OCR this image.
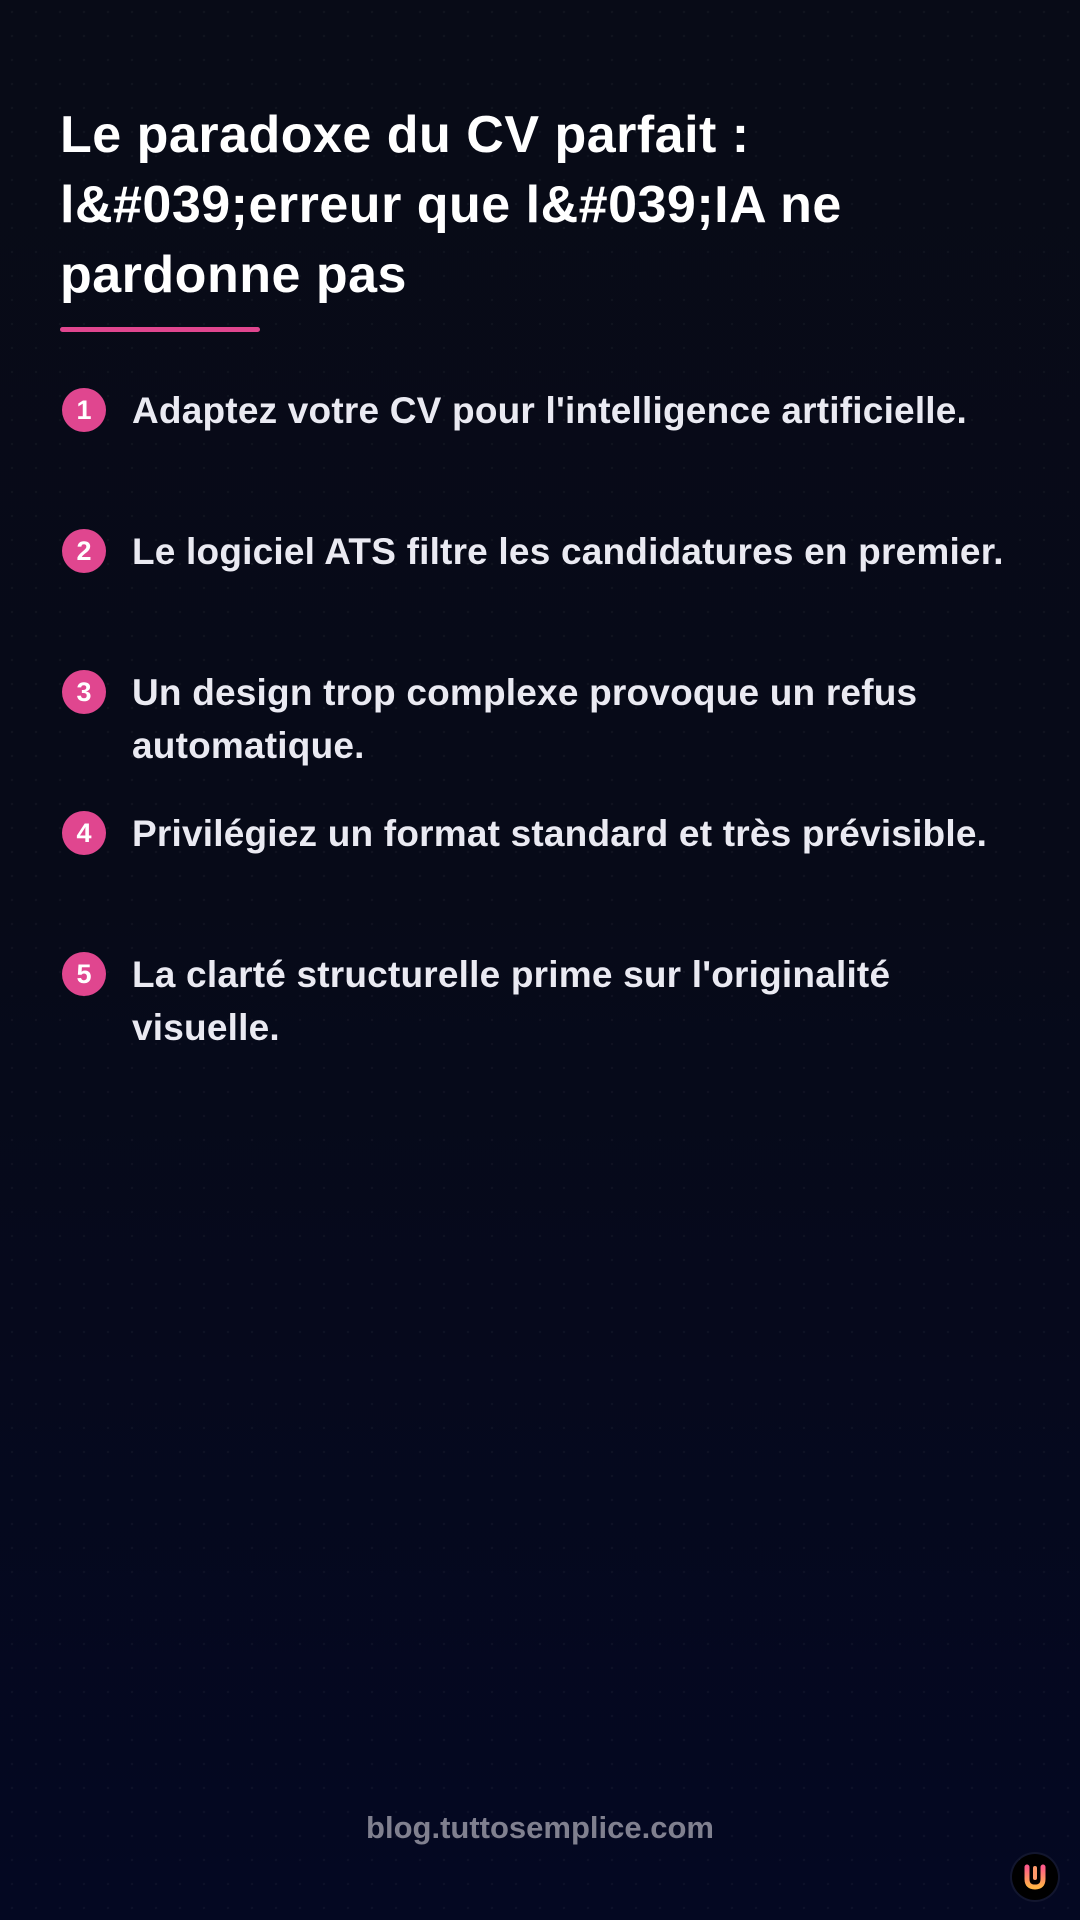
Le paradoxe du CV parfait : l&#039;erreur que l&#039;IA ne pardonne pas
1	Adaptez votre CV pour l'intelligence artificielle.
2	Le logiciel ATS filtre les candidatures en premier.
3	Un design trop complexe provoque un refus automatique.
4	Privilégiez un format standard et très prévisible.
5	La clarté structurelle prime sur l'originalité visuelle.
blog.tuttosemplice.com
